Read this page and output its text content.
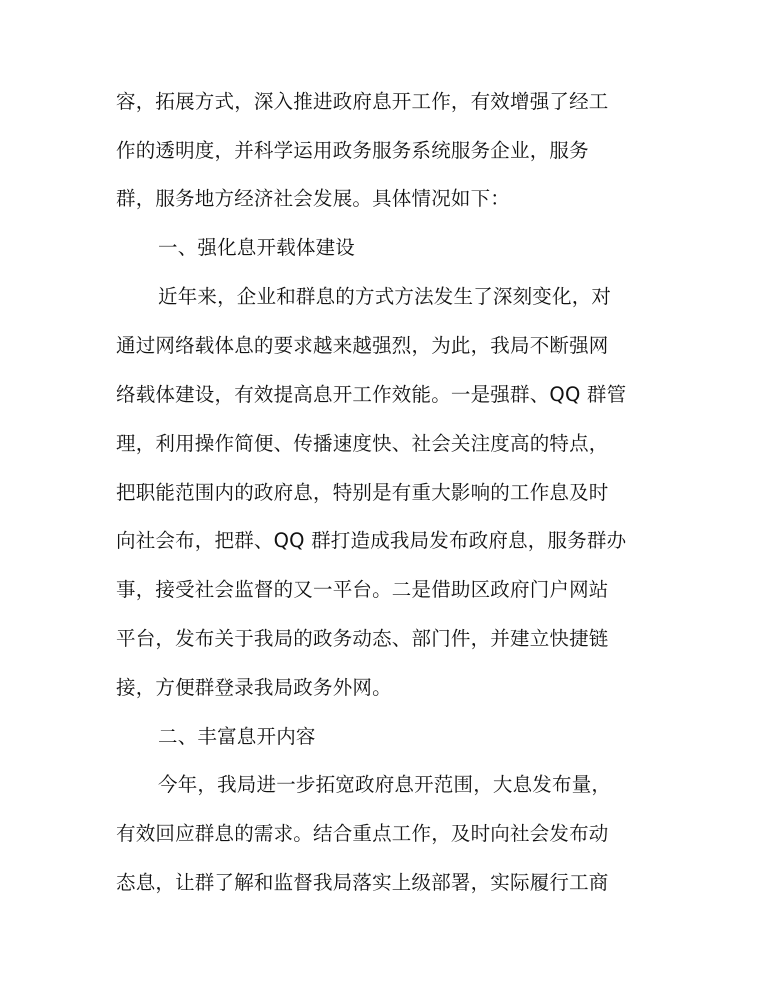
容，拓展方式，深入推进政府息开工作，有效增强了经工
作的透明度，并科学运用政务服务系统服务企业，服务
群，服务地方经济社会发展。具体情况如下：
一、强化息开载体建设
近年来，企业和群息的方式方法发生了深刻变化，对
通过网络载体息的要求越来越强烈，为此，我局不断强网
络载体建设，有效提高息开工作效能。一是强群、QQ 群管
理，利用操作简便、传播速度快、社会关注度高的特点，
把职能范围内的政府息，特别是有重大影响的工作息及时
向社会布，把群、QQ 群打造成我局发布政府息，服务群办
事，接受社会监督的又一平台。二是借助区政府门户网站
平台，发布关于我局的政务动态、部门件，并建立快捷链
接，方便群登录我局政务外网。
二、丰富息开内容
今年，我局进一步拓宽政府息开范围，大息发布量，
有效回应群息的需求。结合重点工作，及时向社会发布动
态息，让群了解和监督我局落实上级部署，实际履行工商
